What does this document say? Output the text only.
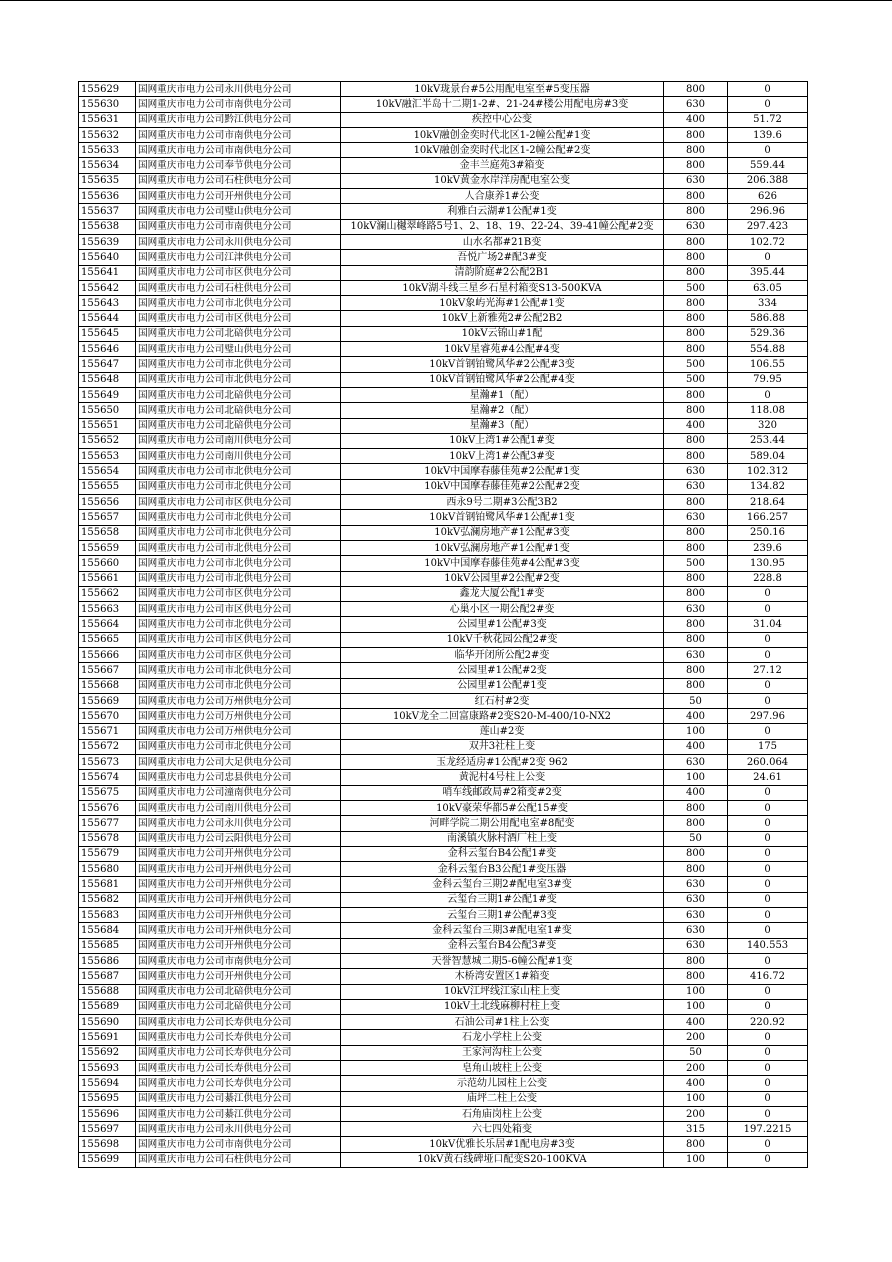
155629	国网重庆市电力公司永川供电分公司	10kV珑景台#5公用配电室至#5变压器	800	0
155630	国网重庆市电力公司市南供电分公司	10kV融汇半岛十二期1-2#、21-24#楼公用配电房#3变	630	0
155631	国网重庆市电力公司黔江供电分公司	疾控中心公变	400	51.72
155632	国网重庆市电力公司市南供电分公司	10kV融创金奕时代北区1-2幢公配#1变	800	139.6
155633	国网重庆市电力公司市南供电分公司	10kV融创金奕时代北区1-2幢公配#2变	800	0
155634	国网重庆市电力公司奉节供电分公司	金丰兰庭苑3#箱变	800	559.44
155635	国网重庆市电力公司石柱供电分公司	10kV黄金水岸洋房配电室公变	630	206.388
155636	国网重庆市电力公司开州供电分公司	人合康养1#公变	800	626
155637	国网重庆市电力公司璧山供电分公司	利雅白云湖#1公配#1变	800	296.96
155638	国网重庆市电力公司市南供电分公司	10kV澜山樾翠峰路5号1、2、18、19、22-24、39-41幢公配#2变	630	297.423
155639	国网重庆市电力公司永川供电分公司	山水名都#21B变	800	102.72
155640	国网重庆市电力公司江津供电分公司	吾悦广场2#配3#变	800	0
155641	国网重庆市电力公司市区供电分公司	清韵阶庭#2公配2B1	800	395.44
155642	国网重庆市电力公司石柱供电分公司	10kV湖斗线三星乡石星村箱变S13-500KVA	500	63.05
155643	国网重庆市电力公司市北供电分公司	10kV象屿光海#1公配#1变	800	334
155644	国网重庆市电力公司市区供电分公司	10kV上新雅苑2#公配2B2	800	586.88
155645	国网重庆市电力公司北碚供电分公司	10kV云锦山#1配	800	529.36
155646	国网重庆市电力公司璧山供电分公司	10kV星睿苑#4公配#4变	800	554.88
155647	国网重庆市电力公司市北供电分公司	10kV首钢铂鹭风华#2公配#3变	500	106.55
155648	国网重庆市电力公司市北供电分公司	10kV首钢铂鹭风华#2公配#4变	500	79.95
155649	国网重庆市电力公司北碚供电分公司	星瀚#1（配）	800	0
155650	国网重庆市电力公司北碚供电分公司	星瀚#2（配）	800	118.08
155651	国网重庆市电力公司北碚供电分公司	星瀚#3（配）	400	320
155652	国网重庆市电力公司南川供电分公司	10kV上湾1#公配1#变	800	253.44
155653	国网重庆市电力公司南川供电分公司	10kV上湾1#公配3#变	800	589.04
155654	国网重庆市电力公司市北供电分公司	10kV中国摩春藤佳苑#2公配#1变	630	102.312
155655	国网重庆市电力公司市北供电分公司	10kV中国摩春藤佳苑#2公配#2变	630	134.82
155656	国网重庆市电力公司市区供电分公司	西永9号二期#3公配3B2	800	218.64
155657	国网重庆市电力公司市北供电分公司	10kV首钢铂鹭风华#1公配#1变	630	166.257
155658	国网重庆市电力公司市北供电分公司	10kV弘澜房地产#1公配#3变	800	250.16
155659	国网重庆市电力公司市北供电分公司	10kV弘澜房地产#1公配#1变	800	239.6
155660	国网重庆市电力公司市北供电分公司	10kV中国摩春藤佳苑#4公配#3变	500	130.95
155661	国网重庆市电力公司市北供电分公司	10kV公园里#2公配#2变	800	228.8
155662	国网重庆市电力公司市区供电分公司	鑫龙大厦公配1#变	800	0
155663	国网重庆市电力公司市区供电分公司	心巢小区一期公配2#变	630	0
155664	国网重庆市电力公司市北供电分公司	公园里#1公配#3变	800	31.04
155665	国网重庆市电力公司市区供电分公司	10kV千秋花园公配2#变	800	0
155666	国网重庆市电力公司市区供电分公司	临华开闭所公配2#变	630	0
155667	国网重庆市电力公司市北供电分公司	公园里#1公配#2变	800	27.12
155668	国网重庆市电力公司市北供电分公司	公园里#1公配#1变	800	0
155669	国网重庆市电力公司万州供电分公司	红石村#2变	50	0
155670	国网重庆市电力公司万州供电分公司	10kV龙全二回富康路#2变S20-M-400/10-NX2	400	297.96
155671	国网重庆市电力公司万州供电分公司	莲山#2变	100	0
155672	国网重庆市电力公司市北供电分公司	双井3社柱上变	400	175
155673	国网重庆市电力公司大足供电分公司	玉龙经适房#1公配#2变 962	630	260.064
155674	国网重庆市电力公司忠县供电分公司	黄泥村4号柱上公变	100	24.61
155675	国网重庆市电力公司潼南供电分公司	哨车线邮政局#2箱变#2变	400	0
155676	国网重庆市电力公司南川供电分公司	10kV豪荣华都5#公配15#变	800	0
155677	国网重庆市电力公司永川供电分公司	河畔学院二期公用配电室#8配变	800	0
155678	国网重庆市电力公司云阳供电分公司	南溪镇火脉村酒厂柱上变	50	0
155679	国网重庆市电力公司开州供电分公司	金科云玺台B4公配1#变	800	0
155680	国网重庆市电力公司开州供电分公司	金科云玺台B3公配1#变压器	800	0
155681	国网重庆市电力公司开州供电分公司	金科云玺台三期2#配电室3#变	630	0
155682	国网重庆市电力公司开州供电分公司	云玺台三期1#公配1#变	630	0
155683	国网重庆市电力公司开州供电分公司	云玺台三期1#公配#3变	630	0
155684	国网重庆市电力公司开州供电分公司	金科云玺台三期3#配电室1#变	630	0
155685	国网重庆市电力公司开州供电分公司	金科云玺台B4公配3#变	630	140.553
155686	国网重庆市电力公司市南供电分公司	天誉智慧城二期5-6幢公配#1变	800	0
155687	国网重庆市电力公司开州供电分公司	木桥湾安置区1#箱变	800	416.72
155688	国网重庆市电力公司北碚供电分公司	10kV江坪线江家山柱上变	100	0
155689	国网重庆市电力公司北碚供电分公司	10kV土北线麻柳村柱上变	100	0
155690	国网重庆市电力公司长寿供电分公司	石油公司#1柱上公变	400	220.92
155691	国网重庆市电力公司长寿供电分公司	石龙小学柱上公变	200	0
155692	国网重庆市电力公司长寿供电分公司	王家河沟柱上公变	50	0
155693	国网重庆市电力公司长寿供电分公司	皂角山坡柱上公变	200	0
155694	国网重庆市电力公司长寿供电分公司	示范幼儿园柱上公变	400	0
155695	国网重庆市电力公司綦江供电分公司	庙坪二柱上公变	100	0
155696	国网重庆市电力公司綦江供电分公司	石角庙岗柱上公变	200	0
155697	国网重庆市电力公司永川供电分公司	六七四处箱变	315	197.2215
155698	国网重庆市电力公司市南供电分公司	10kV优雅长乐居#1配电房#3变	800	0
155699	国网重庆市电力公司石柱供电分公司	10kV黄石线碑垭口配变S20-100KVA	100	0
